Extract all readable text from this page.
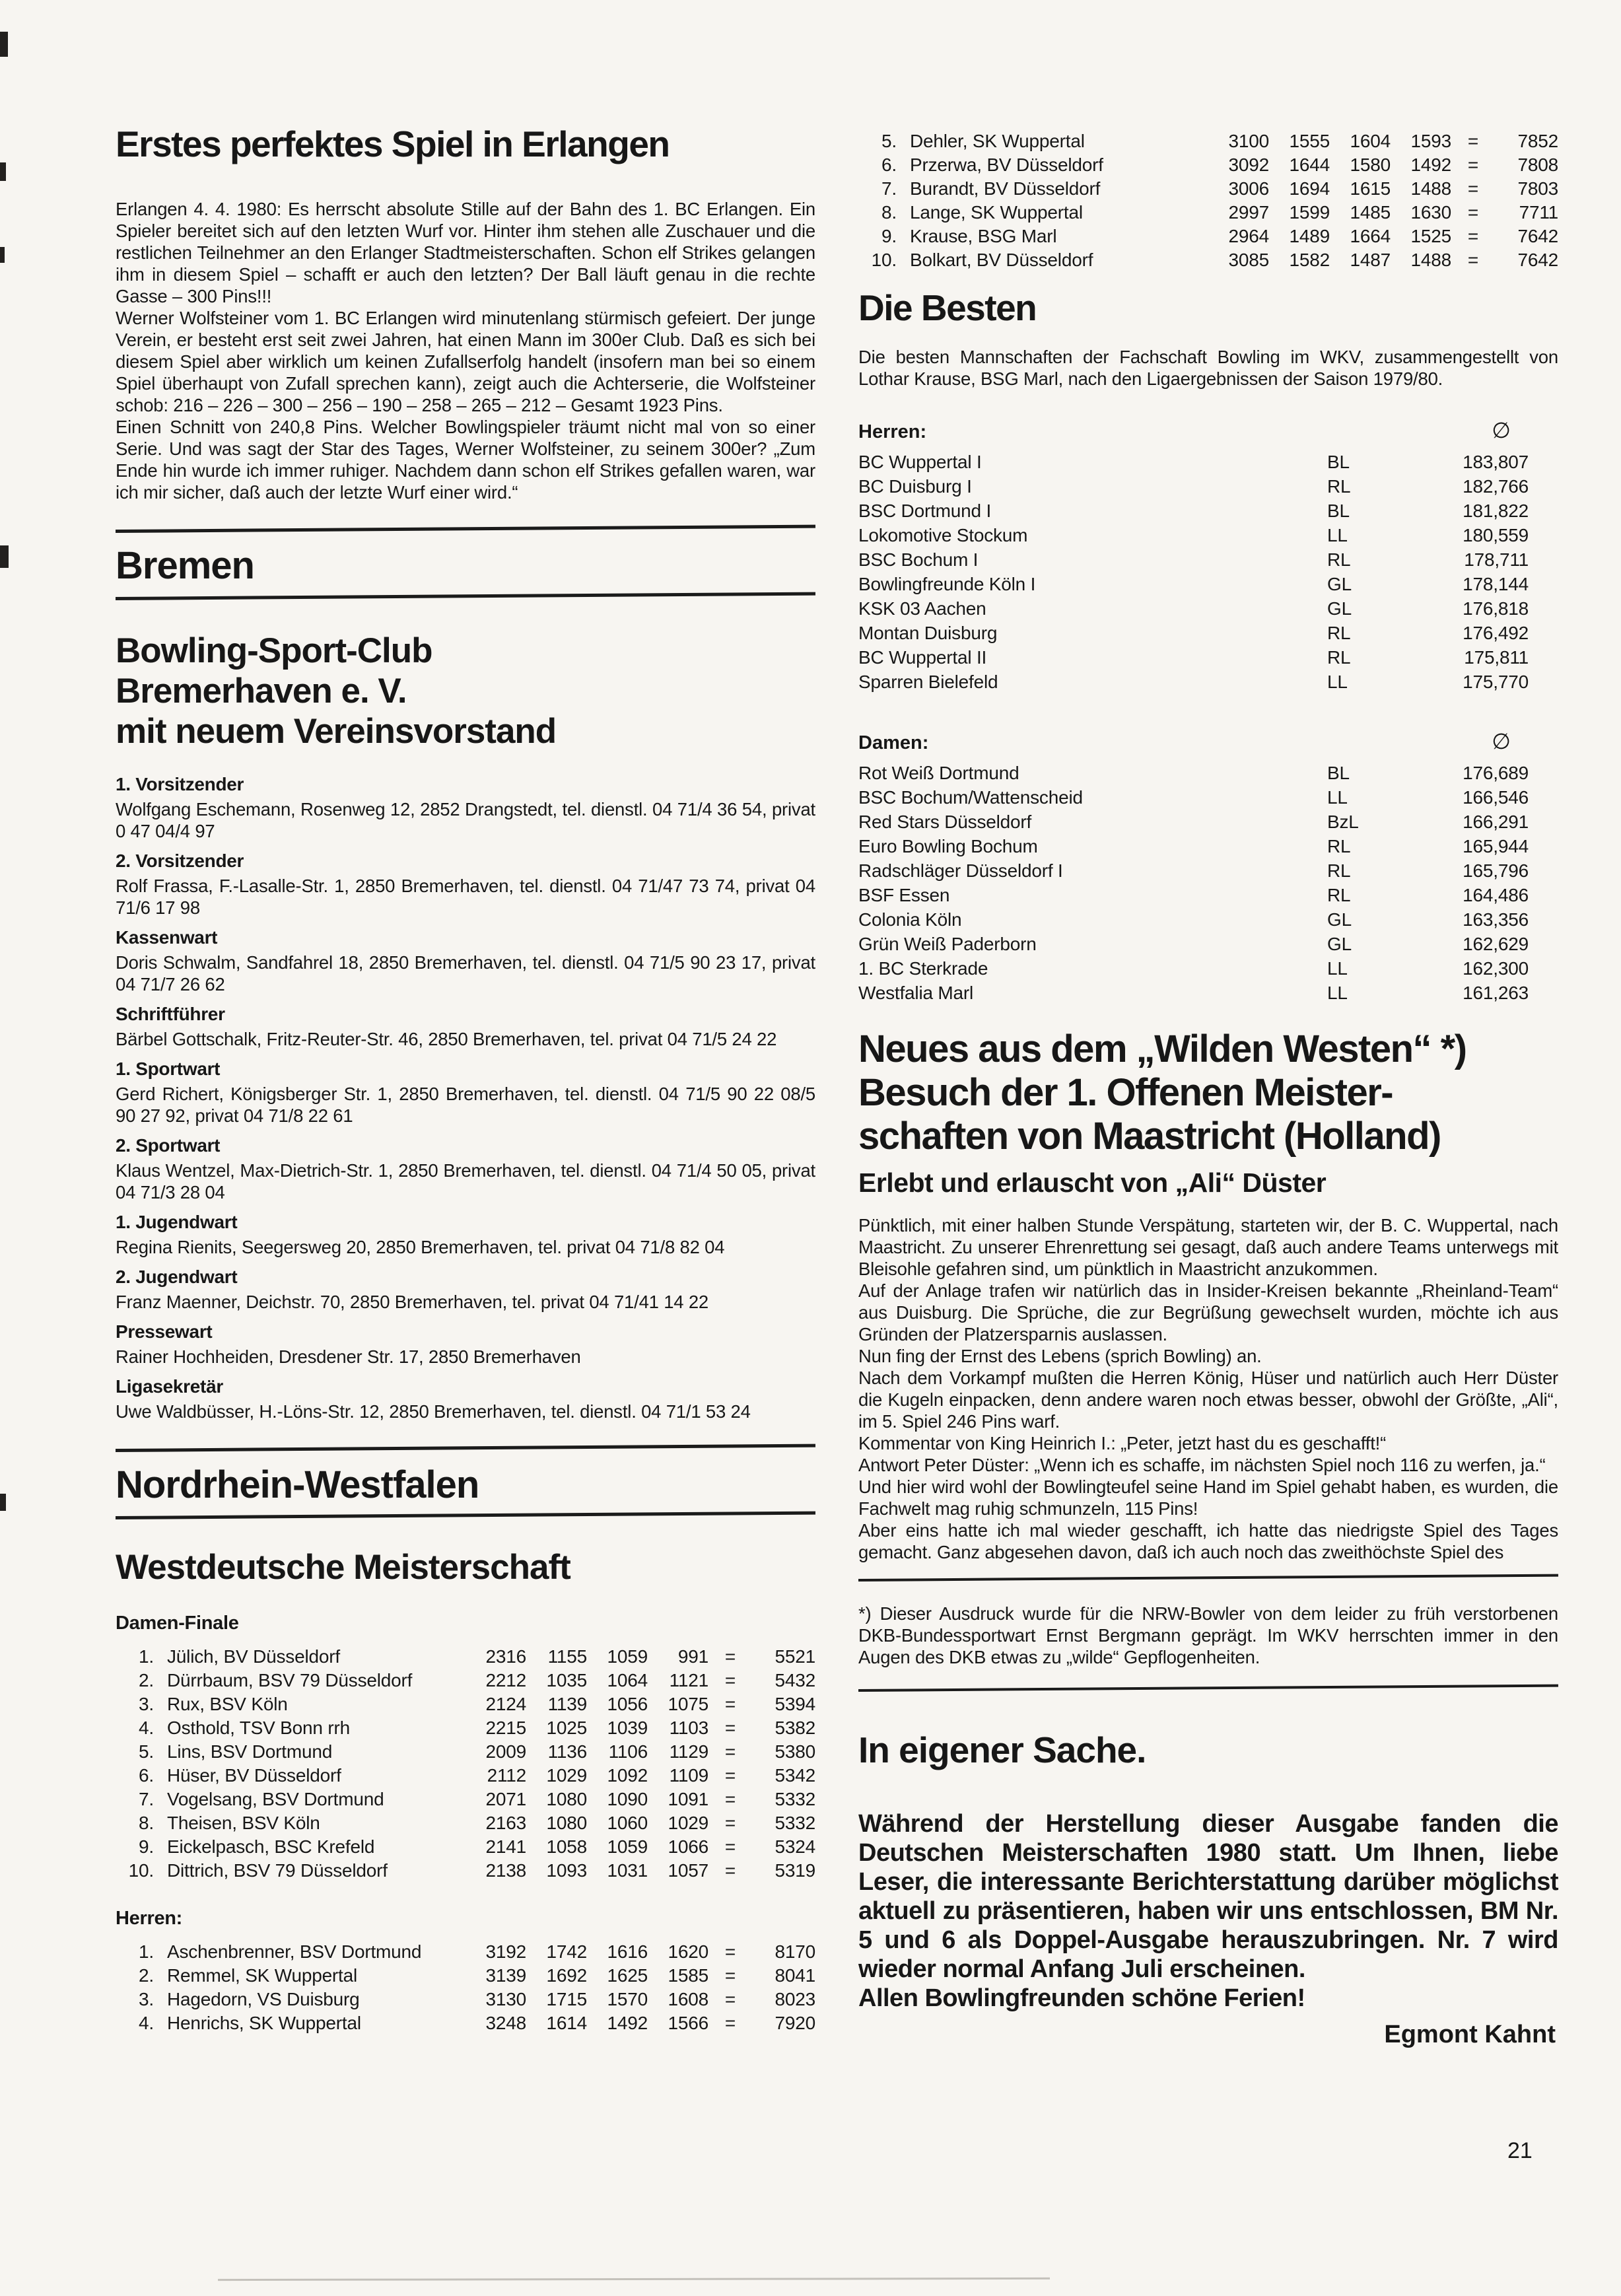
Erstes perfektes Spiel in Erlangen

Erlangen 4. 4. 1980: Es herrscht absolute Stille auf der Bahn des 1. BC Erlangen. Ein Spieler bereitet sich auf den letzten Wurf vor. Hinter ihm stehen alle Zuschauer und die restlichen Teilnehmer an den Erlanger Stadtmeisterschaften. Schon elf Strikes gelangen ihm in diesem Spiel – schafft er auch den letzten? Der Ball läuft genau in die rechte Gasse – 300 Pins!!!

Werner Wolfsteiner vom 1. BC Erlangen wird minutenlang stürmisch gefeiert. Der junge Verein, er besteht erst seit zwei Jahren, hat einen Mann im 300er Club. Daß es sich bei diesem Spiel aber wirklich um keinen Zufallserfolg handelt (insofern man bei so einem Spiel überhaupt von Zufall sprechen kann), zeigt auch die Achterserie, die Wolfsteiner schob: 216 – 226 – 300 – 256 – 190 – 258 – 265 – 212 – Gesamt 1923 Pins.

Einen Schnitt von 240,8 Pins. Welcher Bowlingspieler träumt nicht mal von so einer Serie. Und was sagt der Star des Tages, Werner Wolfsteiner, zu seinem 300er? „Zum Ende hin wurde ich immer ruhiger. Nachdem dann schon elf Strikes gefallen waren, war ich mir sicher, daß auch der letzte Wurf einer wird.“

Bremen
Bowling-Sport-Club
Bremerhaven e. V.
mit neuem Vereinsvorstand
1. Vorsitzender

Wolfgang Eschemann, Rosenweg 12, 2852 Drangstedt, tel. dienstl. 04 71/4 36 54, privat 0 47 04/4 97

2. Vorsitzender

Rolf Frassa, F.-Lasalle-Str. 1, 2850 Bremerhaven, tel. dienstl. 04 71/47 73 74, privat 04 71/6 17 98

Kassenwart

Doris Schwalm, Sandfahrel 18, 2850 Bremerhaven, tel. dienstl. 04 71/5 90 23 17, privat 04 71/7 26 62

Schriftführer

Bärbel Gottschalk, Fritz-Reuter-Str. 46, 2850 Bremerhaven, tel. privat 04 71/5 24 22

1. Sportwart

Gerd Richert, Königsberger Str. 1, 2850 Bremerhaven, tel. dienstl. 04 71/5 90 22 08/5 90 27 92, privat 04 71/8 22 61

2. Sportwart

Klaus Wentzel, Max-Dietrich-Str. 1, 2850 Bremerhaven, tel. dienstl. 04 71/4 50 05, privat 04 71/3 28 04

1. Jugendwart

Regina Rienits, Seegersweg 20, 2850 Bremerhaven, tel. privat 04 71/8 82 04

2. Jugendwart

Franz Maenner, Deichstr. 70, 2850 Bremerhaven, tel. privat 04 71/41 14 22

Pressewart

Rainer Hochheiden, Dresdener Str. 17, 2850 Bremerhaven

Ligasekretär

Uwe Waldbüsser, H.-Löns-Str. 12, 2850 Bremerhaven, tel. dienstl. 04 71/1 53 24

Nordrhein-Westfalen
Westdeutsche Meisterschaft
Damen-Finale
1. Jülich, BV Düsseldorf	2316	1155	1059	991 =	5521
2. Dürrbaum, BSV 79 Düsseldorf	2212	1035	1064	1121 =	5432
3. Rux, BSV Köln	2124	1139	1056	1075 =	5394
4. Osthold, TSV Bonn rrh	2215	1025	1039	1103 =	5382
5. Lins, BSV Dortmund	2009	1136	1106	1129 =	5380
6. Hüser, BV Düsseldorf	2112	1029	1092	1109 =	5342
7. Vogelsang, BSV Dortmund	2071	1080	1090	1091 =	5332
8. Theisen, BSV Köln	2163	1080	1060	1029 =	5332
9. Eickelpasch, BSC Krefeld	2141	1058	1059	1066 =	5324
10. Dittrich, BSV 79 Düsseldorf	2138	1093	1031	1057 =	5319
Herren:
1. Aschenbrenner, BSV Dortmund	3192	1742	1616	1620 =	8170
2. Remmel, SK Wuppertal	3139	1692	1625	1585 =	8041
3. Hagedorn, VS Duisburg	3130	1715	1570	1608 =	8023
4. Henrichs, SK Wuppertal	3248	1614	1492	1566 =	7920
5. Dehler, SK Wuppertal	3100	1555	1604	1593 =	7852
6. Przerwa, BV Düsseldorf	3092	1644	1580	1492 =	7808
7. Burandt, BV Düsseldorf	3006	1694	1615	1488 =	7803
8. Lange, SK Wuppertal	2997	1599	1485	1630 =	7711
9. Krause, BSG Marl	2964	1489	1664	1525 =	7642
10. Bolkart, BV Düsseldorf	3085	1582	1487	1488 =	7642
Die Besten

Die besten Mannschaften der Fachschaft Bowling im WKV, zusammengestellt von Lothar Krause, BSG Marl, nach den Ligaergebnissen der Saison 1979/80.

Herren:	∅
BC Wuppertal I	BL	183,807
BC Duisburg I	RL	182,766
BSC Dortmund I	BL	181,822
Lokomotive Stockum	LL	180,559
BSC Bochum I	RL	178,711
Bowlingfreunde Köln I	GL	178,144
KSK 03 Aachen	GL	176,818
Montan Duisburg	RL	176,492
BC Wuppertal II	RL	175,811
Sparren Bielefeld	LL	175,770
Damen:	∅
Rot Weiß Dortmund	BL	176,689
BSC Bochum/Wattenscheid	LL	166,546
Red Stars Düsseldorf	BzL	166,291
Euro Bowling Bochum	RL	165,944
Radschläger Düsseldorf I	RL	165,796
BSF Essen	RL	164,486
Colonia Köln	GL	163,356
Grün Weiß Paderborn	GL	162,629
1. BC Sterkrade	LL	162,300
Westfalia Marl	LL	161,263
Neues aus dem „Wilden Westen“ *)
Besuch der 1. Offenen Meister-
schaften von Maastricht (Holland)
Erlebt und erlauscht von „Ali“ Düster

Pünktlich, mit einer halben Stunde Verspätung, starteten wir, der B. C. Wuppertal, nach Maastricht. Zu unserer Ehrenrettung sei gesagt, daß auch andere Teams unterwegs mit Bleisohle gefahren sind, um pünktlich in Maastricht anzukommen.

Auf der Anlage trafen wir natürlich das in Insider-Kreisen bekannte „Rheinland-Team“ aus Duisburg. Die Sprüche, die zur Begrüßung gewechselt wurden, möchte ich aus Gründen der Platzersparnis auslassen.

Nun fing der Ernst des Lebens (sprich Bowling) an.

Nach dem Vorkampf mußten die Herren König, Hüser und natürlich auch Herr Düster die Kugeln einpacken, denn andere waren noch etwas besser, obwohl der Größte, „Ali“, im 5. Spiel 246 Pins warf.

Kommentar von King Heinrich I.: „Peter, jetzt hast du es geschafft!“

Antwort Peter Düster: „Wenn ich es schaffe, im nächsten Spiel noch 116 zu werfen, ja.“

Und hier wird wohl der Bowlingteufel seine Hand im Spiel gehabt haben, es wurden, die Fachwelt mag ruhig schmunzeln, 115 Pins!

Aber eins hatte ich mal wieder geschafft, ich hatte das niedrigste Spiel des Tages gemacht. Ganz abgesehen davon, daß ich auch noch das zweithöchste Spiel des

*) Dieser Ausdruck wurde für die NRW-Bowler von dem leider zu früh verstorbenen DKB-Bundessportwart Ernst Bergmann geprägt. Im WKV herrschten immer in den Augen des DKB etwas zu „wilde“ Gepflogenheiten.

In eigener Sache.

Während der Herstellung dieser Ausgabe fanden die Deutschen Meisterschaften 1980 statt. Um Ihnen, liebe Leser, die interessante Berichterstattung darüber möglichst aktuell zu präsentieren, haben wir uns entschlossen, BM Nr. 5 und 6 als Doppel-Ausgabe herauszubringen. Nr. 7 wird wieder normal Anfang Juli erscheinen.

Allen Bowlingfreunden schöne Ferien!

Egmont Kahnt

21
